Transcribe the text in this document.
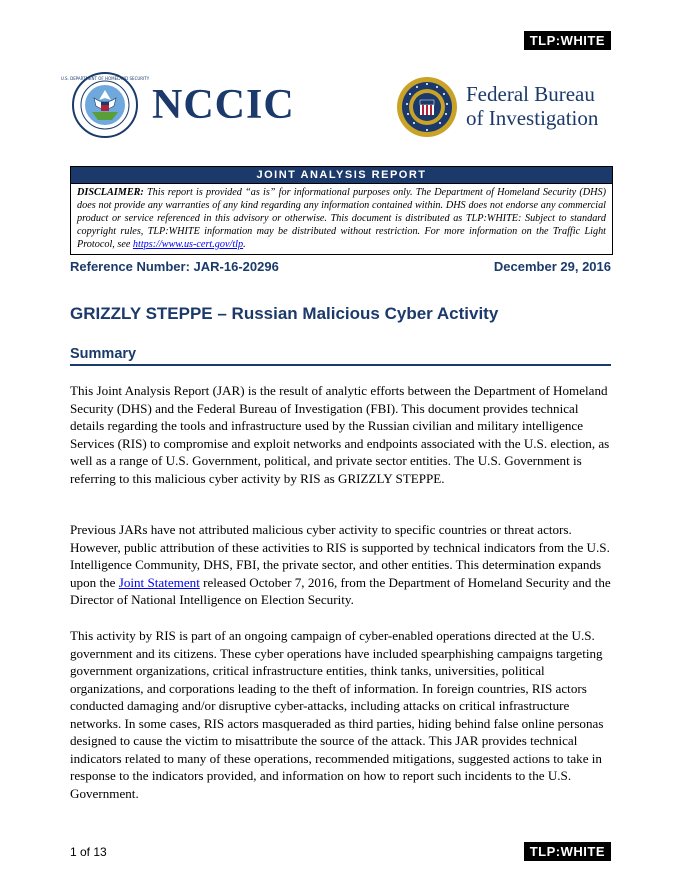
TLP:WHITE
U.S. DEPARTMENT OF HOMELAND SECURITY
NCCIC	Federal Bureau
of Investigation
JOINT ANALYSIS REPORT
DISCLAIMER: This report is provided “as is” for informational purposes only. The Department of Homeland Security (DHS) does not provide any warranties of any kind regarding any information contained within. DHS does not endorse any commercial product or service referenced in this advisory or otherwise. This document is distributed as TLP:WHITE: Subject to standard copyright rules, TLP:WHITE information may be distributed without restriction. For more information on the Traffic Light Protocol, see https://www.us-cert.gov/tlp.
Reference Number: JAR-16-20296	December 29, 2016
GRIZZLY STEPPE – Russian Malicious Cyber Activity
Summary

This Joint Analysis Report (JAR) is the result of analytic efforts between the Department of Homeland Security (DHS) and the Federal Bureau of Investigation (FBI). This document provides technical details regarding the tools and infrastructure used by the Russian civilian and military intelligence Services (RIS) to compromise and exploit networks and endpoints associated with the U.S. election, as well as a range of U.S. Government, political, and private sector entities. The U.S. Government is referring to this malicious cyber activity by RIS as GRIZZLY STEPPE.

Previous JARs have not attributed malicious cyber activity to specific countries or threat actors. However, public attribution of these activities to RIS is supported by technical indicators from the U.S. Intelligence Community, DHS, FBI, the private sector, and other entities. This determination expands upon the Joint Statement released October 7, 2016, from the Department of Homeland Security and the Director of National Intelligence on Election Security.

This activity by RIS is part of an ongoing campaign of cyber-enabled operations directed at the U.S. government and its citizens. These cyber operations have included spearphishing campaigns targeting government organizations, critical infrastructure entities, think tanks, universities, political organizations, and corporations leading to the theft of information. In foreign countries, RIS actors conducted damaging and/or disruptive cyber-attacks, including attacks on critical infrastructure networks. In some cases, RIS actors masqueraded as third parties, hiding behind false online personas designed to cause the victim to misattribute the source of the attack. This JAR provides technical indicators related to many of these operations, recommended mitigations, suggested actions to take in response to the indicators provided, and information on how to report such incidents to the U.S. Government.

1 of 13	TLP:WHITE
